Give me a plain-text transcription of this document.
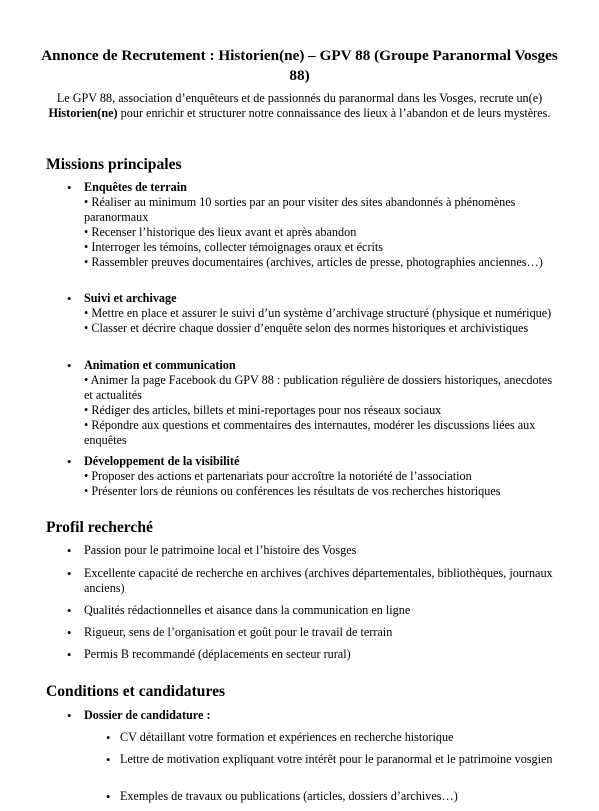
Annonce de Recrutement : Historien(ne) – GPV 88 (Groupe Paranormal Vosges 88)

Le GPV 88, association d’enquêteurs et de passionnés du paranormal dans les Vosges, recrute un(e) Historien(ne) pour enrichir et structurer notre connaissance des lieux à l’abandon et de leurs mystères.

Missions principales
• Enquêtes de terrain
• Réaliser au minimum 10 sorties par an pour visiter des sites abandonnés à phénomènes paranormaux
• Recenser l’historique des lieux avant et après abandon
• Interroger les témoins, collecter témoignages oraux et écrits
• Rassembler preuves documentaires (archives, articles de presse, photographies anciennes…)
• Suivi et archivage
• Mettre en place et assurer le suivi d’un système d’archivage structuré (physique et numérique)
• Classer et décrire chaque dossier d’enquête selon des normes historiques et archivistiques
• Animation et communication
• Animer la page Facebook du GPV 88 : publication régulière de dossiers historiques, anecdotes et actualités
• Rédiger des articles, billets et mini-reportages pour nos réseaux sociaux
• Répondre aux questions et commentaires des internautes, modérer les discussions liées aux enquêtes
• Développement de la visibilité
• Proposer des actions et partenariats pour accroître la notoriété de l’association
• Présenter lors de réunions ou conférences les résultats de vos recherches historiques
Profil recherché
• Passion pour le patrimoine local et l’histoire des Vosges
• Excellente capacité de recherche en archives (archives départementales, bibliothèques, journaux anciens)
• Qualités rédactionnelles et aisance dans la communication en ligne
• Rigueur, sens de l’organisation et goût pour le travail de terrain
• Permis B recommandé (déplacements en secteur rural)
Conditions et candidatures
• Dossier de candidature :
• CV détaillant votre formation et expériences en recherche historique
• Lettre de motivation expliquant votre intérêt pour le paranormal et le patrimoine vosgien
• Exemples de travaux ou publications (articles, dossiers d’archives…)
